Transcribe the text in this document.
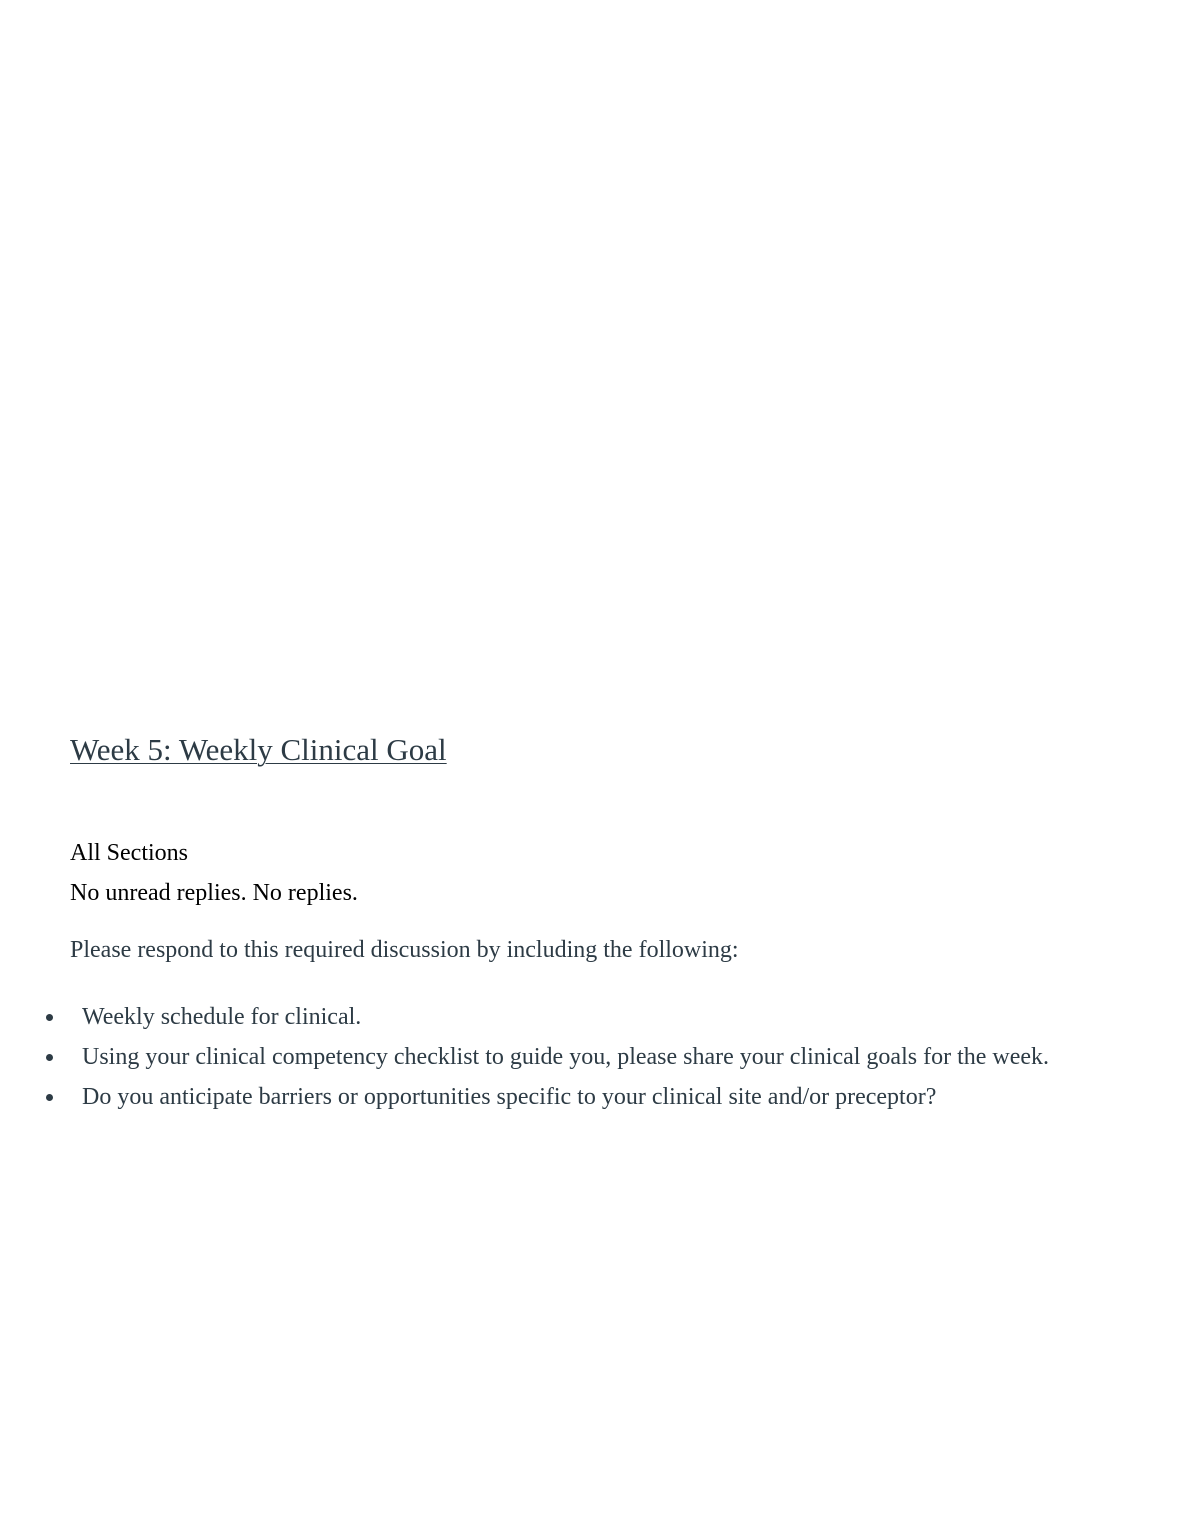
Week 5: Weekly Clinical Goal

All Sections

No unread replies. No replies.

Please respond to this required discussion by including the following:

Weekly schedule for clinical.
Using your clinical competency checklist to guide you, please share your clinical goals for the week.
Do you anticipate barriers or opportunities specific to your clinical site and/or preceptor?
